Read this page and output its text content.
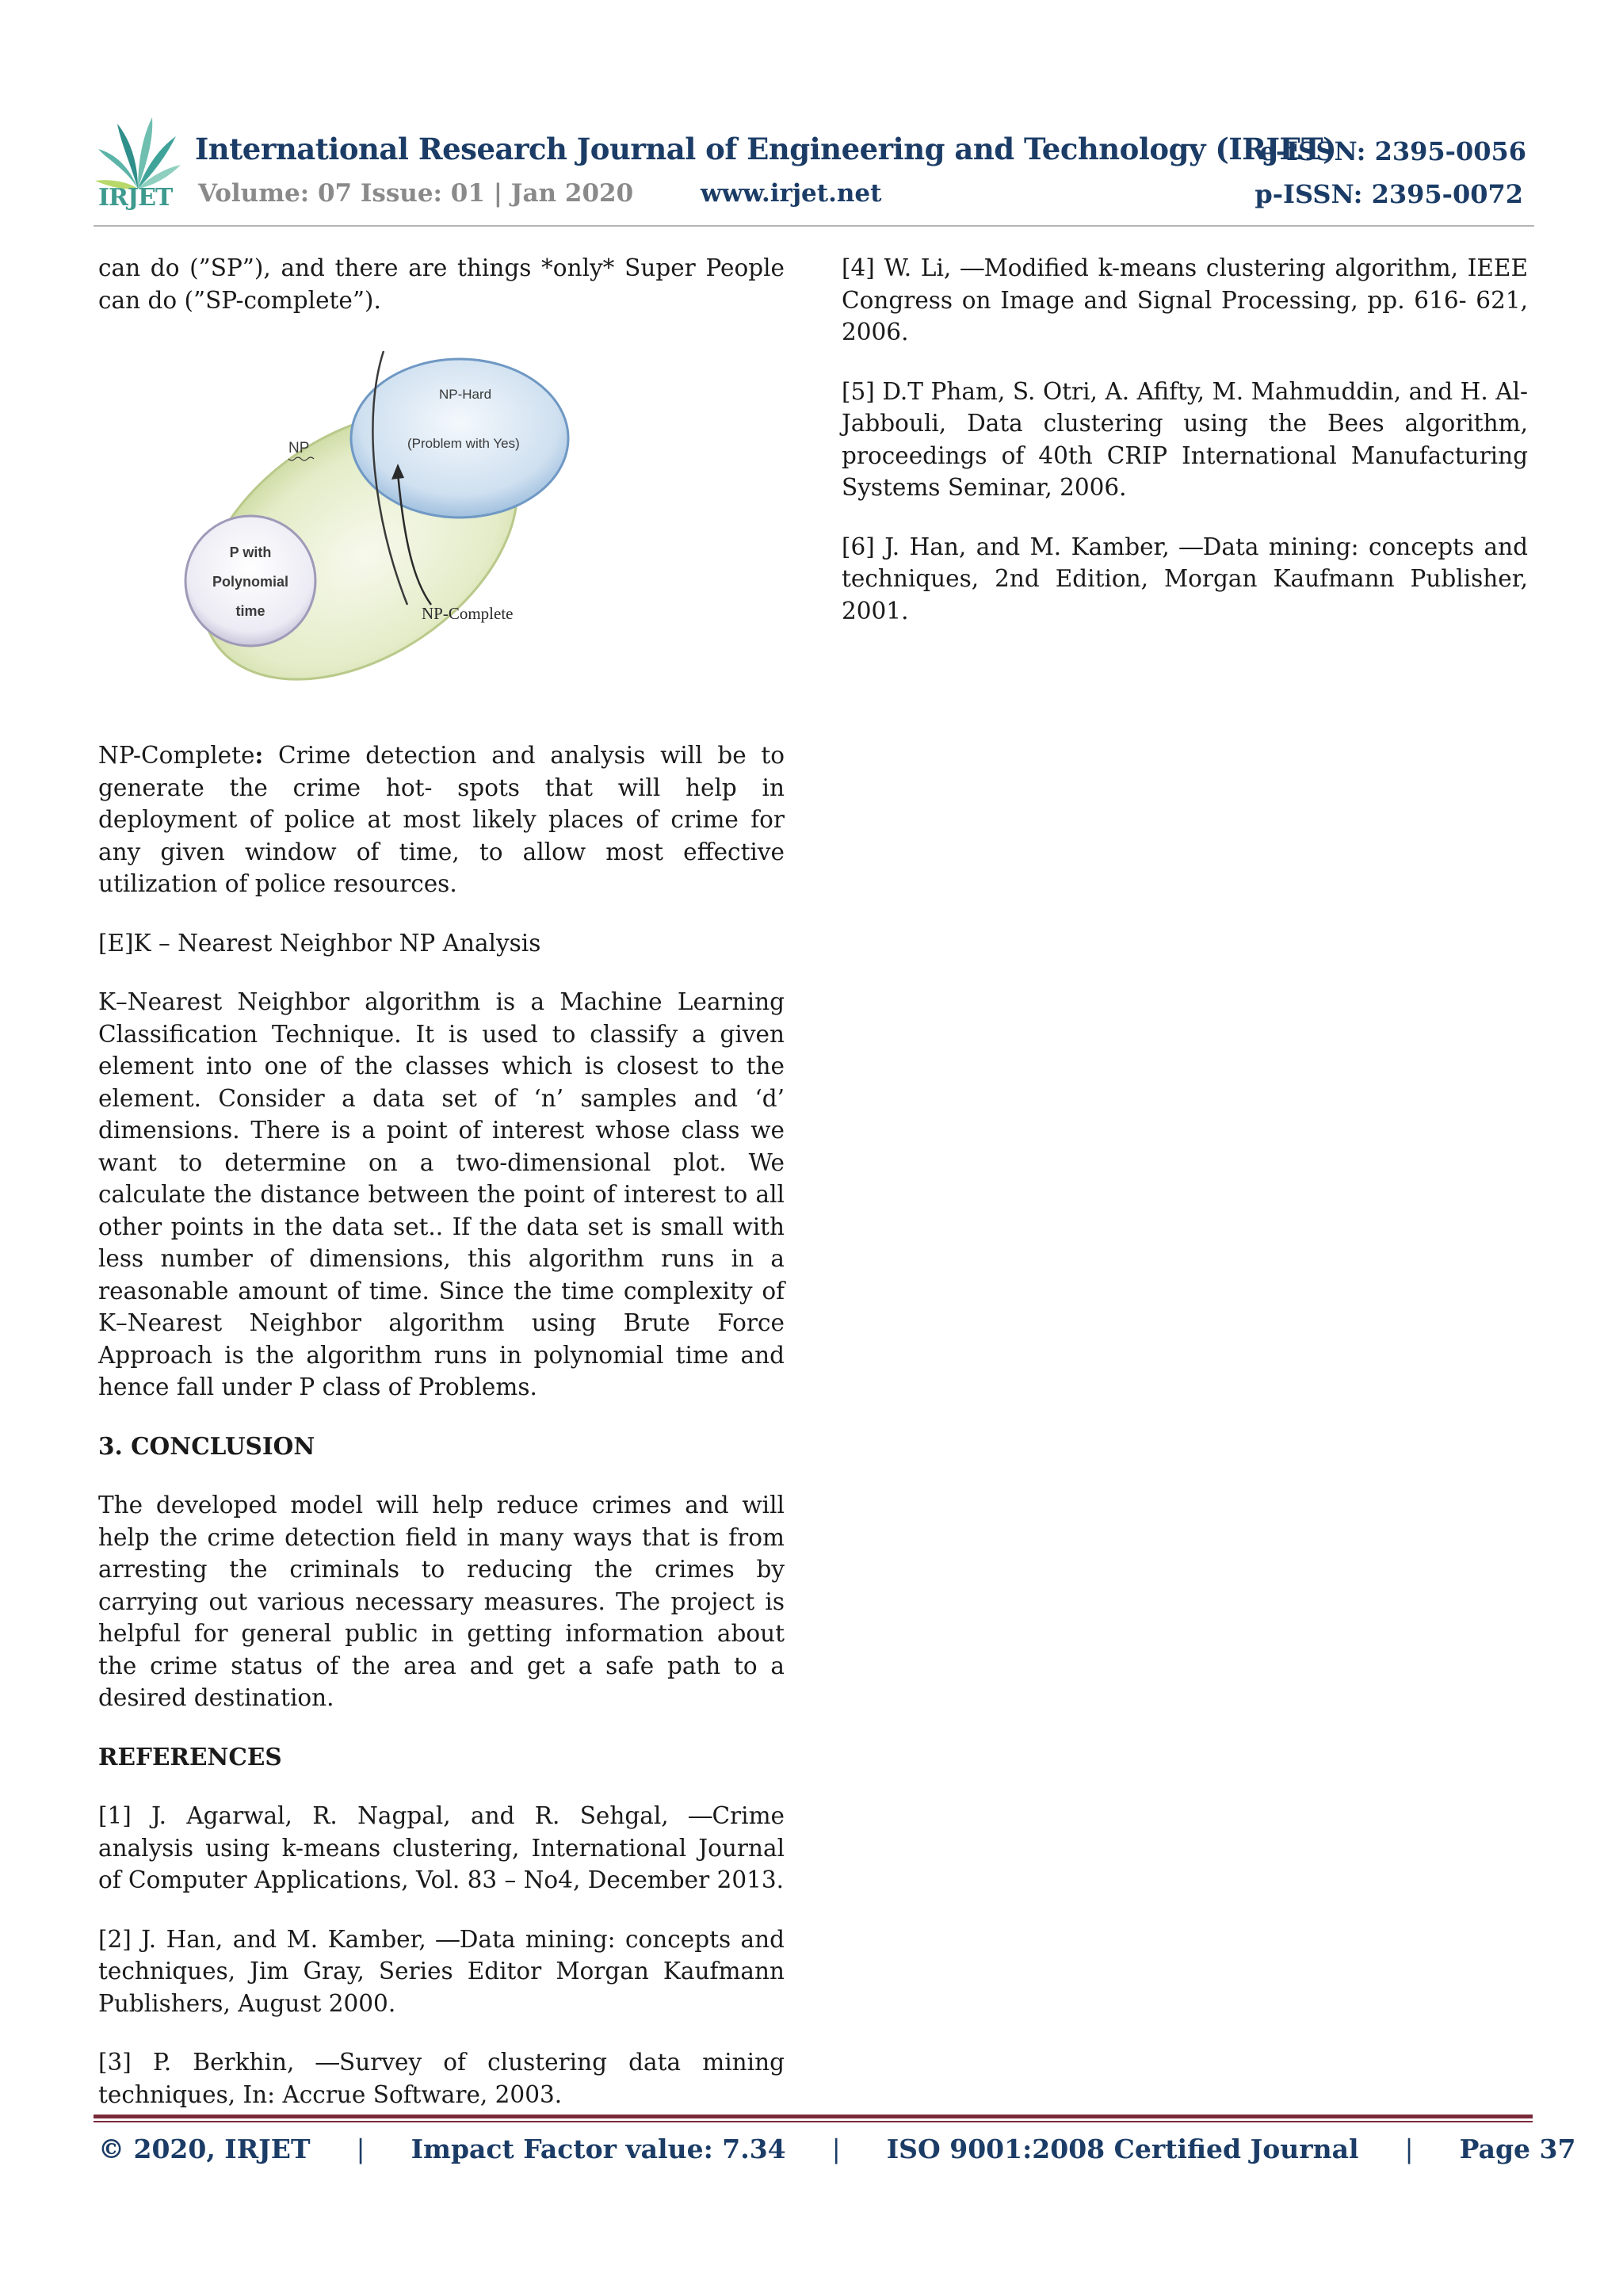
IRJET
International Research Journal of Engineering and Technology (IRJET)
e-ISSN: 2395-0056
Volume: 07 Issue: 01 | Jan 2020	www.irjet.net	p-ISSN: 2395-0072

can do (”SP”), and there are things *only* Super People can do (”SP-complete”).

NP
NP-Hard
(Problem with Yes)
P with
Polynomial
time	NP-Complete

NP-Complete: Crime detection and analysis will be to generate the crime hot- spots that will help in deployment of police at most likely places of crime for any given window of time, to allow most effective utilization of police resources.

[E]K – Nearest Neighbor NP Analysis

K–Nearest Neighbor algorithm is a Machine Learning Classification Technique. It is used to classify a given element into one of the classes which is closest to the element. Consider a data set of ‘n’ samples and ‘d’ dimensions. There is a point of interest whose class we want to determine on a two-dimensional plot. We calculate the distance between the point of interest to all other points in the data set.. If the data set is small with less number of dimensions, this algorithm runs in a reasonable amount of time. Since the time complexity of K–Nearest Neighbor algorithm using Brute Force Approach is the algorithm runs in polynomial time and hence fall under P class of Problems.

3. CONCLUSION

The developed model will help reduce crimes and will help the crime detection field in many ways that is from arresting the criminals to reducing the crimes by carrying out various necessary measures. The project is helpful for general public in getting information about the crime status of the area and get a safe path to a desired destination.

REFERENCES

[1] J. Agarwal, R. Nagpal, and R. Sehgal, ―Crime analysis using k-means clustering, International Journal of Computer Applications, Vol. 83 – No4, December 2013.

[2] J. Han, and M. Kamber, ―Data mining: concepts and techniques, Jim Gray, Series Editor Morgan Kaufmann Publishers, August 2000.

[3] P. Berkhin, ―Survey of clustering data mining techniques, In: Accrue Software, 2003.

[4] W. Li, ―Modified k-means clustering algorithm, IEEE Congress on Image and Signal Processing, pp. 616- 621, 2006.

[5] D.T Pham, S. Otri, A. Afifty, M. Mahmuddin, and H. Al-Jabbouli, Data clustering using the Bees algorithm, proceedings of 40th CRIP International Manufacturing Systems Seminar, 2006.

[6] J. Han, and M. Kamber, ―Data mining: concepts and techniques, 2nd Edition, Morgan Kaufmann Publisher, 2001.

© 2020, IRJET | Impact Factor value: 7.34 | ISO 9001:2008 Certified Journal | Page 37
